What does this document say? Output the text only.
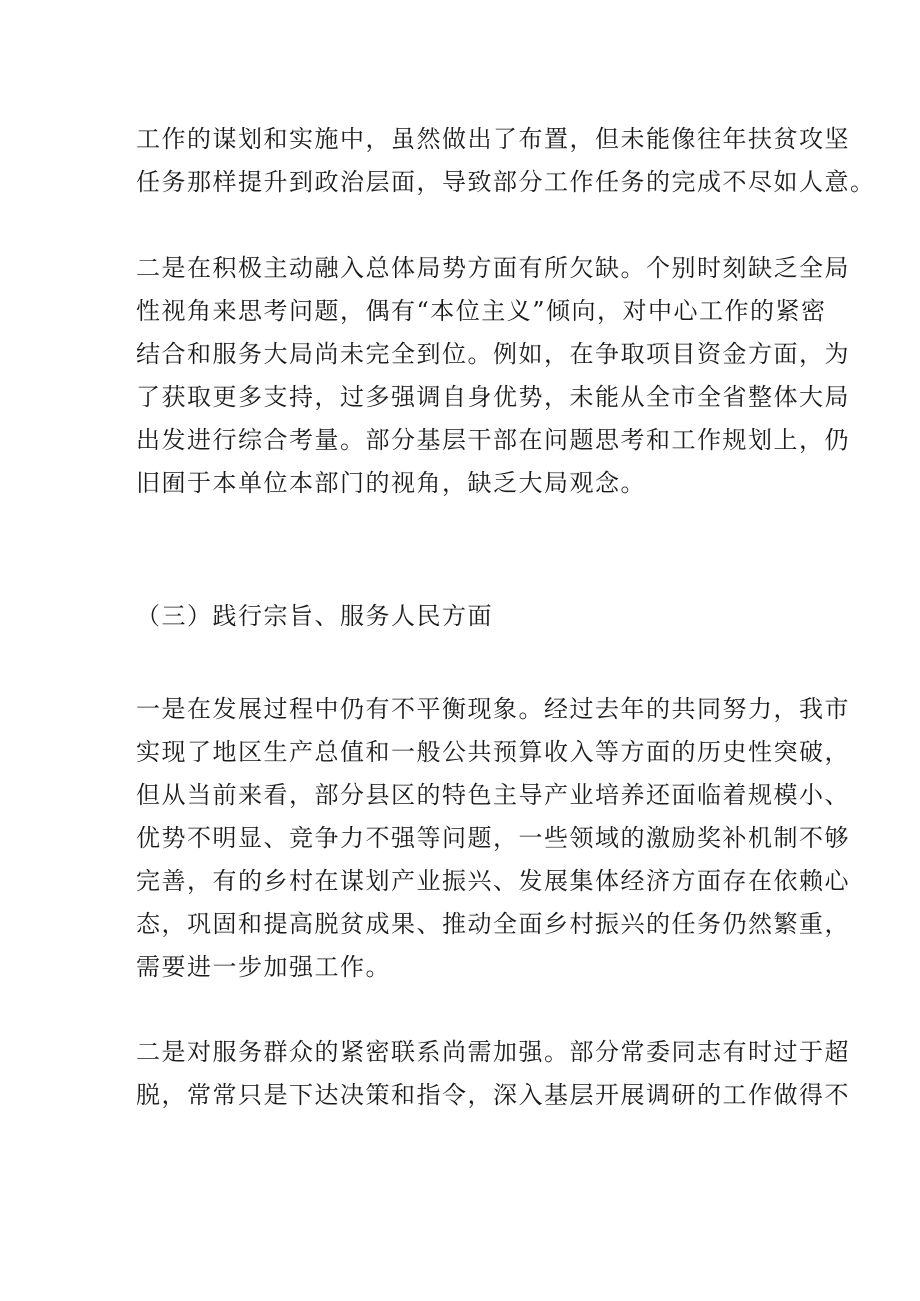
工作的谋划和实施中，虽然做出了布置，但未能像往年扶贫攻坚
任务那样提升到政治层面，导致部分工作任务的完成不尽如人意。
二是在积极主动融入总体局势方面有所欠缺。个别时刻缺乏全局
性视角来思考问题，偶有“本位主义”倾向，对中心工作的紧密
结合和服务大局尚未完全到位。例如，在争取项目资金方面，为
了获取更多支持，过多强调自身优势，未能从全市全省整体大局
出发进行综合考量。部分基层干部在问题思考和工作规划上，仍
旧囿于本单位本部门的视角，缺乏大局观念。
（三）践行宗旨、服务人民方面
一是在发展过程中仍有不平衡现象。经过去年的共同努力，我市
实现了地区生产总值和一般公共预算收入等方面的历史性突破，
但从当前来看，部分县区的特色主导产业培养还面临着规模小、
优势不明显、竞争力不强等问题，一些领域的激励奖补机制不够
完善，有的乡村在谋划产业振兴、发展集体经济方面存在依赖心
态，巩固和提高脱贫成果、推动全面乡村振兴的任务仍然繁重，
需要进一步加强工作。
二是对服务群众的紧密联系尚需加强。部分常委同志有时过于超
脱，常常只是下达决策和指令，深入基层开展调研的工作做得不
